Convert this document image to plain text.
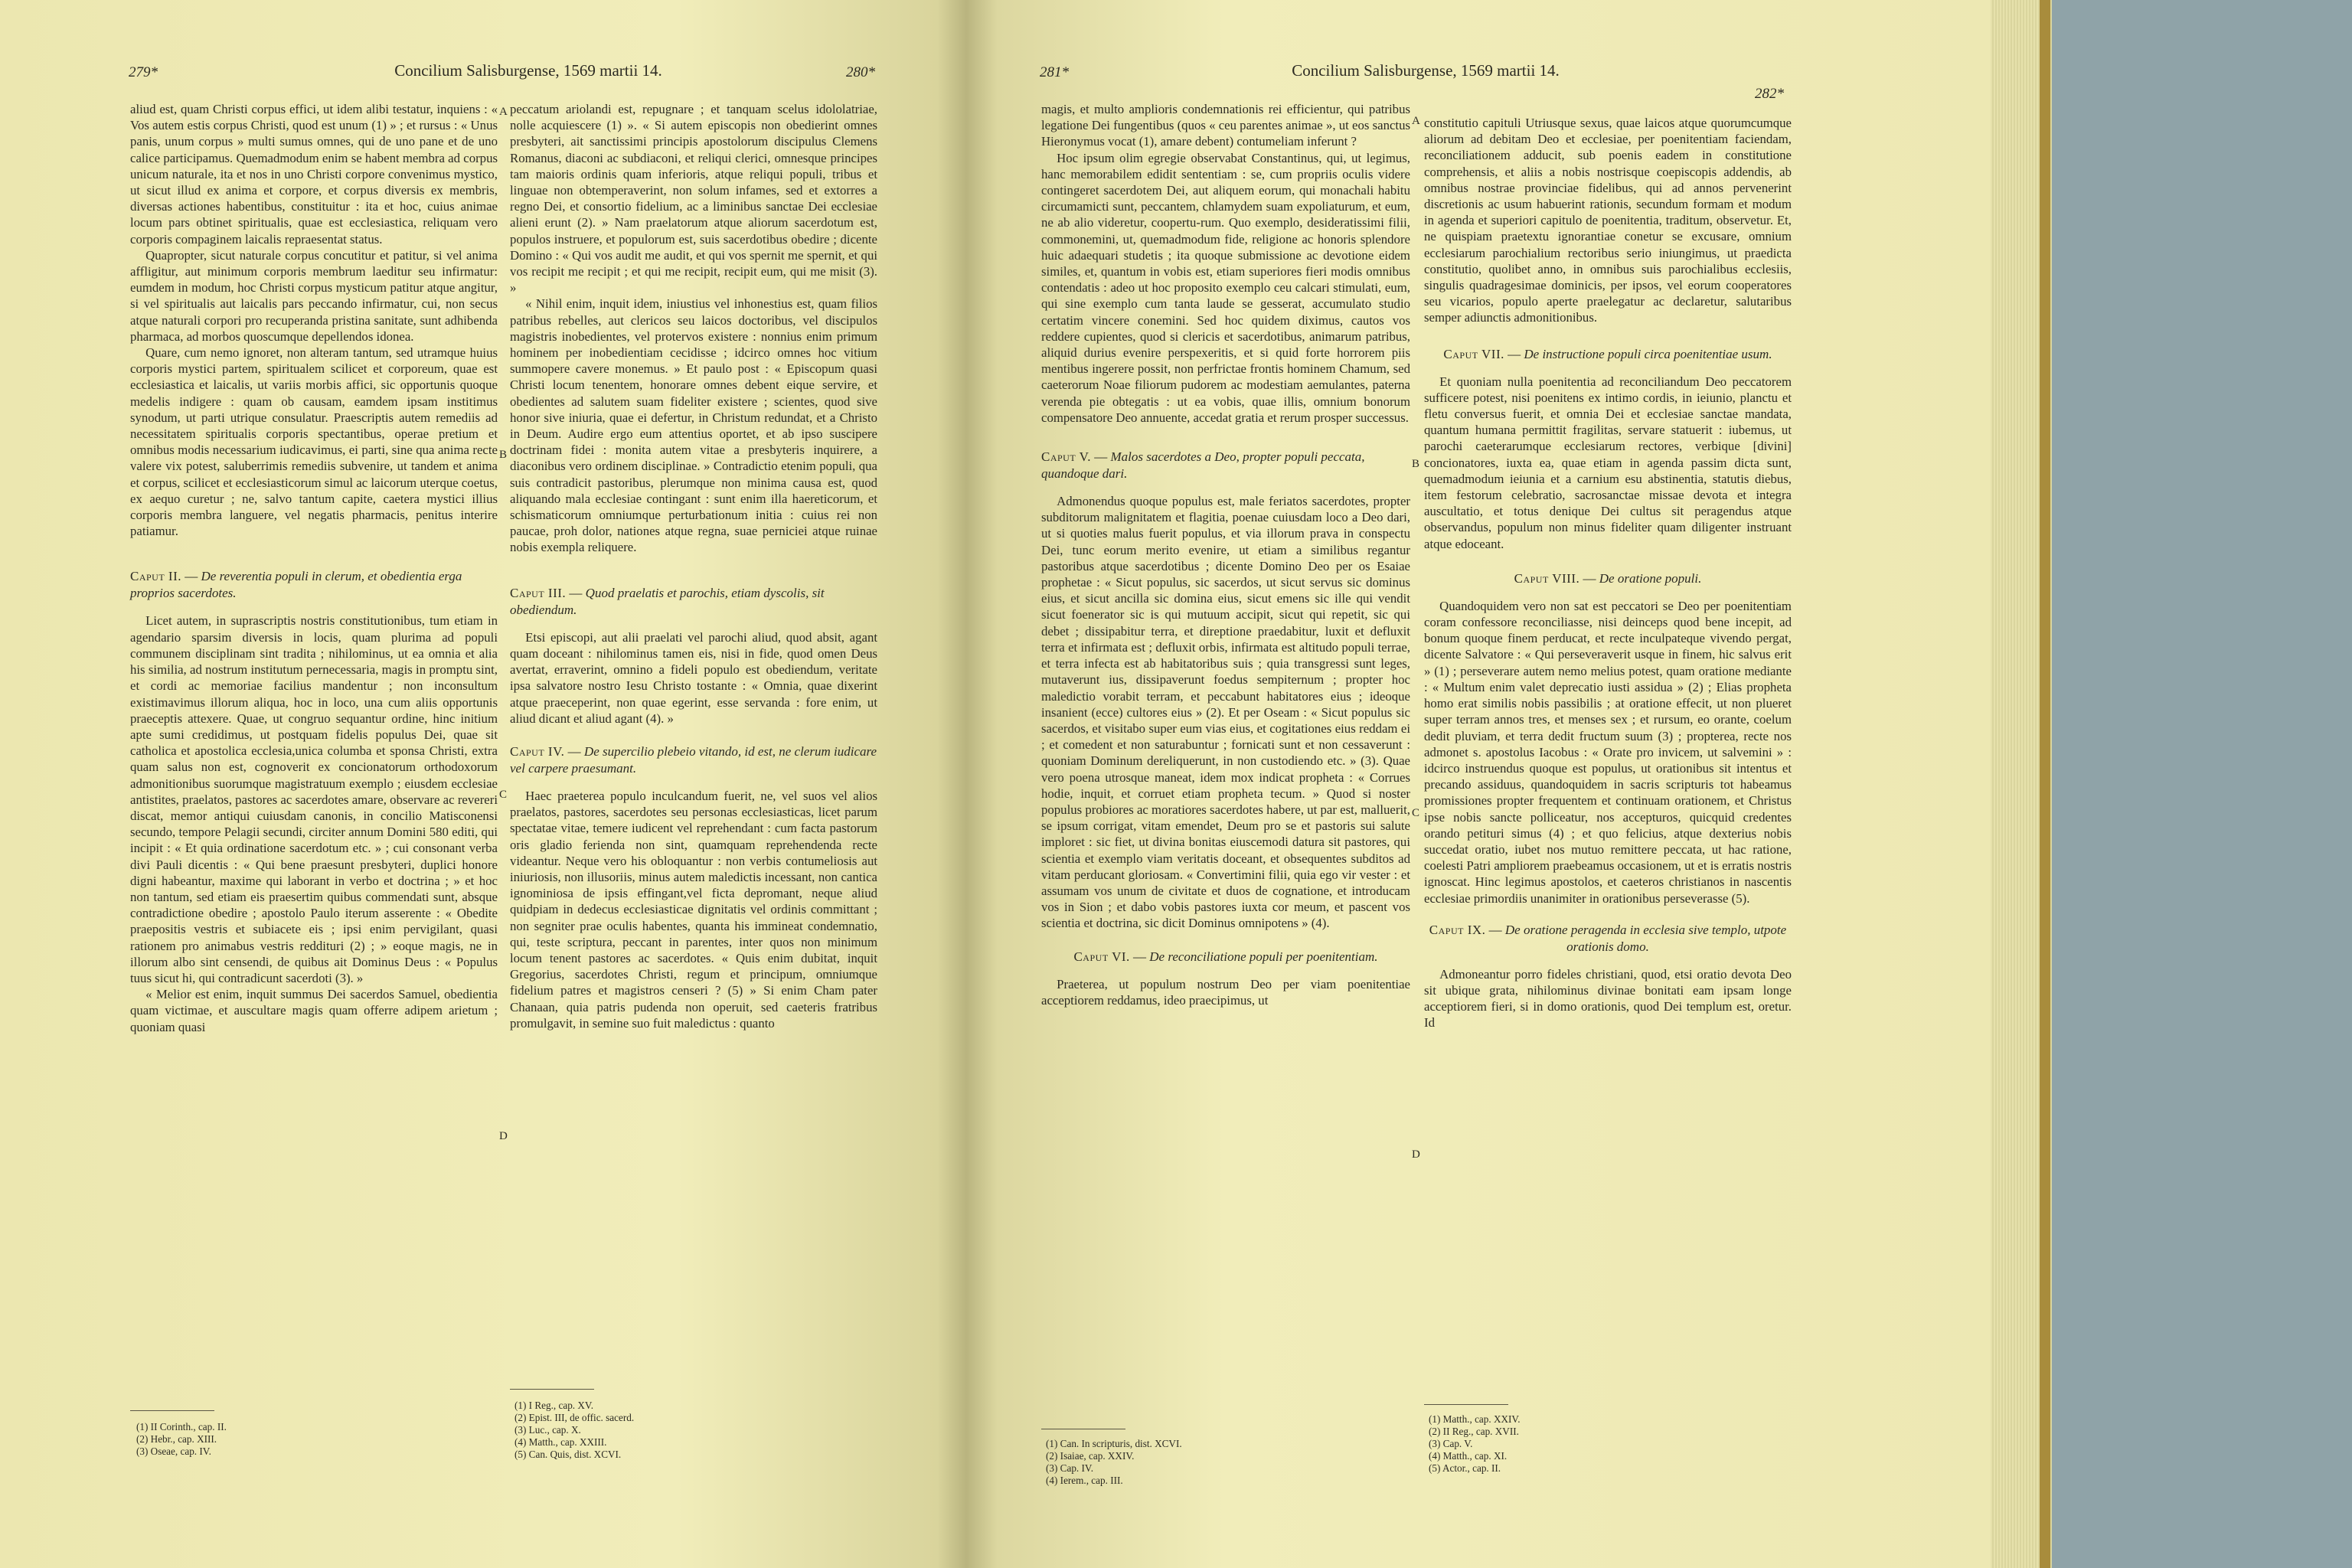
279*	Concilium Salisburgense, 1569 martii 14.	280*

aliud est, quam Christi corpus effici, ut idem alibi testatur, inquiens : « Vos autem estis corpus Christi, quod est unum (1) » ; et rursus : « Unus panis, unum corpus » multi sumus omnes, qui de uno pane et de uno calice participamus. Quemadmodum enim se habent membra ad corpus unicum naturale, ita et nos in uno Christi corpore convenimus mystico, ut sicut illud ex anima et corpore, et corpus diversis ex membris, diversas actiones habentibus, constituitur : ita et hoc, cuius animae locum pars obtinet spiritualis, quae est ecclesiastica, reliquam vero corporis compaginem laicalis repraesentat status.

Quapropter, sicut naturale corpus concutitur et patitur, si vel anima affligitur, aut minimum corporis membrum laeditur seu infirmatur: eumdem in modum, hoc Christi corpus mysticum patitur atque angitur, si vel spiritualis aut laicalis pars peccando infirmatur, cui, non secus atque naturali corpori pro recuperanda pristina sanitate, sunt adhibenda pharmaca, ad morbos quoscumque depellendos idonea.

Quare, cum nemo ignoret, non alteram tantum, sed utramque huius corporis mystici partem, spiritualem scilicet et corporeum, quae est ecclesiastica et laicalis, ut variis morbis affici, sic opportunis quoque medelis indigere : quam ob causam, eamdem ipsam institimus synodum, ut parti utrique consulatur. Praescriptis autem remediis ad necessitatem spiritualis corporis spectantibus, operae pretium et omnibus modis necessarium iudicavimus, ei parti, sine qua anima recte valere vix potest, saluberrimis remediis subvenire, ut tandem et anima et corpus, scilicet et ecclesiasticorum simul ac laicorum uterque coetus, ex aequo curetur ; ne, salvo tantum capite, caetera mystici illius corporis membra languere, vel negatis pharmacis, penitus interire patiamur.

Caput II. — De reverentia populi in clerum, et obedientia erga proprios sacerdotes.

Licet autem, in suprascriptis nostris constitutionibus, tum etiam in agendario sparsim diversis in locis, quam plurima ad populi communem disciplinam sint tradita ; nihilominus, ut ea omnia et alia his similia, ad nostrum institutum pernecessaria, magis in promptu sint, et cordi ac memoriae facilius mandentur ; non inconsultum existimavimus illorum aliqua, hoc in loco, una cum aliis opportunis praeceptis attexere. Quae, ut congruo sequantur ordine, hinc initium apte sumi credidimus, ut postquam fidelis populus Dei, quae sit catholica et apostolica ecclesia,unica columba et sponsa Christi, extra quam salus non est, cognoverit ex concionatorum orthodoxorum admonitionibus suorumque magistratuum exemplo ; eiusdem ecclesiae antistites, praelatos, pastores ac sacerdotes amare, observare ac revereri discat, memor antiqui cuiusdam canonis, in concilio Matisconensi secundo, tempore Pelagii secundi, circiter annum Domini 580 editi, qui incipit : « Et quia ordinatione sacerdotum etc. » ; cui consonant verba divi Pauli dicentis : « Qui bene praesunt presbyteri, duplici honore digni habeantur, maxime qui laborant in verbo et doctrina ; » et hoc non tantum, sed etiam eis praesertim quibus commendati sunt, absque contradictione obedire ; apostolo Paulo iterum asserente : « Obedite praepositis vestris et subiacete eis ; ipsi enim pervigilant, quasi rationem pro animabus vestris reddituri (2) ; » eoque magis, ne in illorum albo sint censendi, de quibus ait Dominus Deus : « Populus tuus sicut hi, qui contradicunt sacerdoti (3). »

« Melior est enim, inquit summus Dei sacerdos Samuel, obedientia quam victimae, et auscultare magis quam offerre adipem arietum ; quoniam quasi

(1) II Corinth., cap. II.
(2) Hebr., cap. XIII.
(3) Oseae, cap. IV.
A
B
C
D

peccatum ariolandi est, repugnare ; et tanquam scelus idololatriae, nolle acquiescere (1) ». « Si autem episcopis non obedierint omnes presbyteri, ait sanctissimi principis apostolorum discipulus Clemens Romanus, diaconi ac subdiaconi, et reliqui clerici, omnesque principes tam maioris ordinis quam inferioris, atque reliqui populi, tribus et linguae non obtemperaverint, non solum infames, sed et extorres a regno Dei, et consortio fidelium, ac a liminibus sanctae Dei ecclesiae alieni erunt (2). » Nam praelatorum atque aliorum sacerdotum est, populos instruere, et populorum est, suis sacerdotibus obedire ; dicente Domino : « Qui vos audit me audit, et qui vos spernit me spernit, et qui vos recipit me recipit ; et qui me recipit, recipit eum, qui me misit (3). »

« Nihil enim, inquit idem, iniustius vel inhonestius est, quam filios patribus rebelles, aut clericos seu laicos doctoribus, vel discipulos magistris inobedientes, vel protervos existere : nonnius enim primum hominem per inobedientiam cecidisse ; idcirco omnes hoc vitium summopere cavere monemus. » Et paulo post : « Episcopum quasi Christi locum tenentem, honorare omnes debent eique servire, et obedientes ad salutem suam fideliter existere ; scientes, quod sive honor sive iniuria, quae ei defertur, in Christum redundat, et a Christo in Deum. Audire ergo eum attentius oportet, et ab ipso suscipere doctrinam fidei : monita autem vitae a presbyteris inquirere, a diaconibus vero ordinem disciplinae. » Contradictio etenim populi, qua suis contradicit pastoribus, plerumque non minima causa est, quod aliquando mala ecclesiae contingant : sunt enim illa haereticorum, et schismaticorum omniumque perturbationum initia : cuius rei non paucae, proh dolor, nationes atque regna, suae perniciei atque ruinae nobis exempla reliquere.

Caput III. — Quod praelatis et parochis, etiam dyscolis, sit obediendum.

Etsi episcopi, aut alii praelati vel parochi aliud, quod absit, agant quam doceant : nihilominus tamen eis, nisi in fide, quod omen Deus avertat, erraverint, omnino a fideli populo est obediendum, veritate ipsa salvatore nostro Iesu Christo tostante : « Omnia, quae dixerint atque praeceperint, non quae egerint, esse servanda : fore enim, ut aliud dicant et aliud agant (4). »

Caput IV. — De supercilio plebeio vitando, id est, ne clerum iudicare vel carpere praesumant.

Haec praeterea populo inculcandum fuerit, ne, vel suos vel alios praelatos, pastores, sacerdotes seu personas ecclesiasticas, licet parum spectatae vitae, temere iudicent vel reprehendant : cum facta pastorum oris gladio ferienda non sint, quamquam reprehendenda recte videantur. Neque vero his obloquantur : non verbis contumeliosis aut iniuriosis, non illusoriis, minus autem maledictis incessant, non cantica ignominiosa de ipsis effingant,vel ficta depromant, neque aliud quidpiam in dedecus ecclesiasticae dignitatis vel ordinis committant ; non segniter prae oculis habentes, quanta his immineat condemnatio, qui, teste scriptura, peccant in parentes, inter quos non minimum locum tenent pastores ac sacerdotes. « Quis enim dubitat, inquit Gregorius, sacerdotes Christi, regum et principum, omniumque fidelium patres et magistros censeri ? (5) » Si enim Cham pater Chanaan, quia patris pudenda non operuit, sed caeteris fratribus promulgavit, in semine suo fuit maledictus : quanto

(1) I Reg., cap. XV.
(2) Epist. III, de offic. sacerd.
(3) Luc., cap. X.
(4) Matth., cap. XXIII.
(5) Can. Quis, dist. XCVI.
281*	Concilium Salisburgense, 1569 martii 14.
282*

magis, et multo amplioris condemnationis rei efficientur, qui patribus legatione Dei fungentibus (quos « ceu parentes animae », ut eos sanctus Hieronymus vocat (1), amare debent) contumeliam inferunt ?

Hoc ipsum olim egregie observabat Constantinus, qui, ut legimus, hanc memorabilem edidit sententiam : se, cum propriis oculis videre contingeret sacerdotem Dei, aut aliquem eorum, qui monachali habitu circumamicti sunt, peccantem, chlamydem suam expoliaturum, et eum, ne ab alio videretur, coopertu-rum. Quo exemplo, desideratissimi filii, commonemini, ut, quemadmodum fide, religione ac honoris splendore huic adaequari studetis ; ita quoque submissione ac devotione eidem similes, et, quantum in vobis est, etiam superiores fieri modis omnibus contendatis : adeo ut hoc proposito exemplo ceu calcari stimulati, eum, qui sine exemplo cum tanta laude se gesserat, accumulato studio certatim vincere conemini. Sed hoc quidem diximus, cautos vos reddere cupientes, quod si clericis et sacerdotibus, animarum patribus, aliquid durius evenire perspexeritis, et si quid forte horrorem piis mentibus ingerere possit, non perfrictae frontis hominem Chamum, sed caeterorum Noae filiorum pudorem ac modestiam aemulantes, paterna verenda pie obtegatis : ut ea vobis, quae illis, omnium bonorum compensatore Deo annuente, accedat gratia et rerum prosper successus.

Caput V. — Malos sacerdotes a Deo, propter populi peccata, quandoque dari.

Admonendus quoque populus est, male feriatos sacerdotes, propter subditorum malignitatem et flagitia, poenae cuiusdam loco a Deo dari, ut si quoties malus fuerit populus, et via illorum prava in conspectu Dei, tunc eorum merito evenire, ut etiam a similibus regantur pastoribus atque sacerdotibus ; dicente Domino Deo per os Esaiae prophetae : « Sicut populus, sic sacerdos, ut sicut servus sic dominus eius, et sicut ancilla sic domina eius, sicut emens sic ille qui vendit sicut foenerator sic is qui mutuum accipit, sicut qui repetit, sic qui debet ; dissipabitur terra, et direptione praedabitur, luxit et defluxit terra et infirmata est ; defluxit orbis, infirmata est altitudo populi terrae, et terra infecta est ab habitatoribus suis ; quia transgressi sunt leges, mutaverunt ius, dissipaverunt foedus sempiternum ; propter hoc maledictio vorabit terram, et peccabunt habitatores eius ; ideoque insanient (ecce) cultores eius » (2). Et per Oseam : « Sicut populus sic sacerdos, et visitabo super eum vias eius, et cogitationes eius reddam ei ; et comedent et non saturabuntur ; fornicati sunt et non cessaverunt : quoniam Dominum dereliquerunt, in non custodiendo etc. » (3). Quae vero poena utrosque maneat, idem mox indicat propheta : « Corrues hodie, inquit, et corruet etiam propheta tecum. » Quod si noster populus probiores ac moratiores sacerdotes habere, ut par est, malluerit, se ipsum corrigat, vitam emendet, Deum pro se et pastoris sui salute imploret : sic fiet, ut divina bonitas eiuscemodi datura sit pastores, qui scientia et exemplo viam veritatis doceant, et obsequentes subditos ad vitam perducant gloriosam. « Convertimini filii, quia ego vir vester : et assumam vos unum de civitate et duos de cognatione, et introducam vos in Sion ; et dabo vobis pastores iuxta cor meum, et pascent vos scientia et doctrina, sic dicit Dominus omnipotens » (4).

Caput VI. — De reconciliatione populi per poenitentiam.

Praeterea, ut populum nostrum Deo per viam poenitentiae acceptiorem reddamus, ideo praecipimus, ut

(1) Can. In scripturis, dist. XCVI.
(2) Isaiae, cap. XXIV.
(3) Cap. IV.
(4) Ierem., cap. III.
A
B
C
D

constitutio capituli Utriusque sexus, quae laicos atque quorumcumque aliorum ad debitam Deo et ecclesiae, per poenitentiam faciendam, reconciliationem adducit, sub poenis eadem in constitutione comprehensis, et aliis a nobis nostrisque coepiscopis addendis, ab omnibus nostrae provinciae fidelibus, qui ad annos pervenerint discretionis ac usum habuerint rationis, secundum formam et modum in agenda et superiori capitulo de poenitentia, traditum, observetur. Et, ne quispiam praetextu ignorantiae conetur se excusare, omnium ecclesiarum parochialium rectoribus serio iniungimus, ut praedicta constitutio, quolibet anno, in omnibus suis parochialibus ecclesiis, singulis quadragesimae dominicis, per ipsos, vel eorum cooperatores seu vicarios, populo aperte praelegatur ac declaretur, salutaribus semper adiunctis admonitionibus.

Caput VII. — De instructione populi circa poenitentiae usum.

Et quoniam nulla poenitentia ad reconciliandum Deo peccatorem sufficere potest, nisi poenitens ex intimo cordis, in ieiunio, planctu et fletu conversus fuerit, et omnia Dei et ecclesiae sanctae mandata, quantum humana permittit fragilitas, servare statuerit : iubemus, ut parochi caeterarumque ecclesiarum rectores, verbique [divini] concionatores, iuxta ea, quae etiam in agenda passim dicta sunt, quemadmodum ieiunia et a carnium esu abstinentia, statutis diebus, item festorum celebratio, sacrosanctae missae devota et integra auscultatio, et totus denique Dei cultus sit peragendus atque observandus, populum non minus fideliter quam diligenter instruant atque edoceant.

Caput VIII. — De oratione populi.

Quandoquidem vero non sat est peccatori se Deo per poenitentiam coram confessore reconciliasse, nisi deinceps quod bene incepit, ad bonum quoque finem perducat, et recte inculpateque vivendo pergat, dicente Salvatore : « Qui perseveraverit usque in finem, hic salvus erit » (1) ; perseverare autem nemo melius potest, quam oratione mediante : « Multum enim valet deprecatio iusti assidua » (2) ; Elias propheta homo erat similis nobis passibilis ; at oratione effecit, ut non plueret super terram annos tres, et menses sex ; et rursum, eo orante, coelum dedit pluviam, et terra dedit fructum suum (3) ; propterea, recte nos admonet s. apostolus Iacobus : « Orate pro invicem, ut salvemini » : idcirco instruendus quoque est populus, ut orationibus sit intentus et precando assiduus, quandoquidem in sacris scripturis tot habeamus promissiones propter frequentem et continuam orationem, et Christus ipse nobis sancte polliceatur, nos accepturos, quicquid credentes orando petituri simus (4) ; et quo felicius, atque dexterius nobis succedat oratio, iubet nos mutuo remittere peccata, ut hac ratione, coelesti Patri ampliorem praebeamus occasionem, ut et is erratis nostris ignoscat. Hinc legimus apostolos, et caeteros christianos in nascentis ecclesiae primordiis unanimiter in orationibus perseverasse (5).

Caput IX. — De oratione peragenda in ecclesia sive templo, utpote orationis domo.

Admoneantur porro fideles christiani, quod, etsi oratio devota Deo sit ubique grata, nihilominus divinae bonitati eam ipsam longe acceptiorem fieri, si in domo orationis, quod Dei templum est, oretur. Id

(1) Matth., cap. XXIV.
(2) II Reg., cap. XVII.
(3) Cap. V.
(4) Matth., cap. XI.
(5) Actor., cap. II.
